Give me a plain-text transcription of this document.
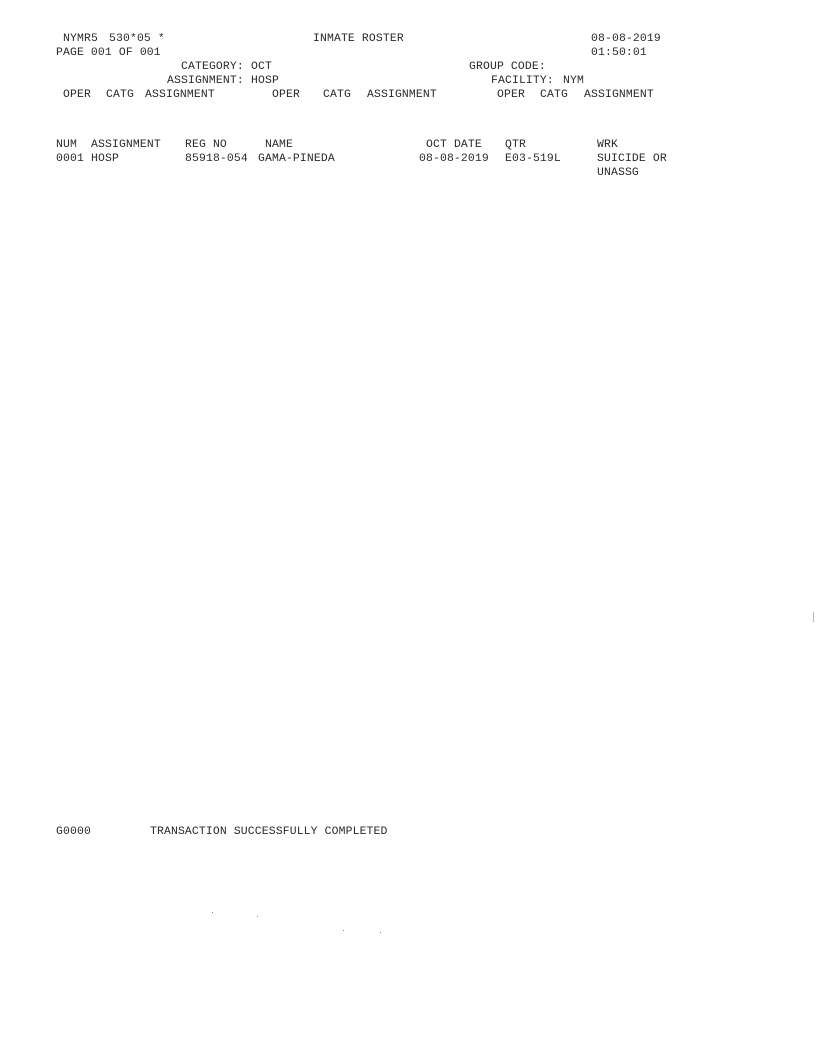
NYMR5 530*05 *	INMATE ROSTER	08-08-2019
PAGE 001 OF 001	01:50:01
CATEGORY: OCT	GROUP CODE:
ASSIGNMENT: HOSP	FACILITY: NYM
OPER CATG ASSIGNMENT	OPER CATG ASSIGNMENT	OPER CATG ASSIGNMENT
NUM ASSIGNMENT REG NO	NAME	OCT DATE QTR	WRK
0001 HOSP	85918-054 GAMA-PINEDA	08-08-2019 E03-519L	SUICIDE OR
UNASSG
G0000	TRANSACTION SUCCESSFULLY COMPLETED
